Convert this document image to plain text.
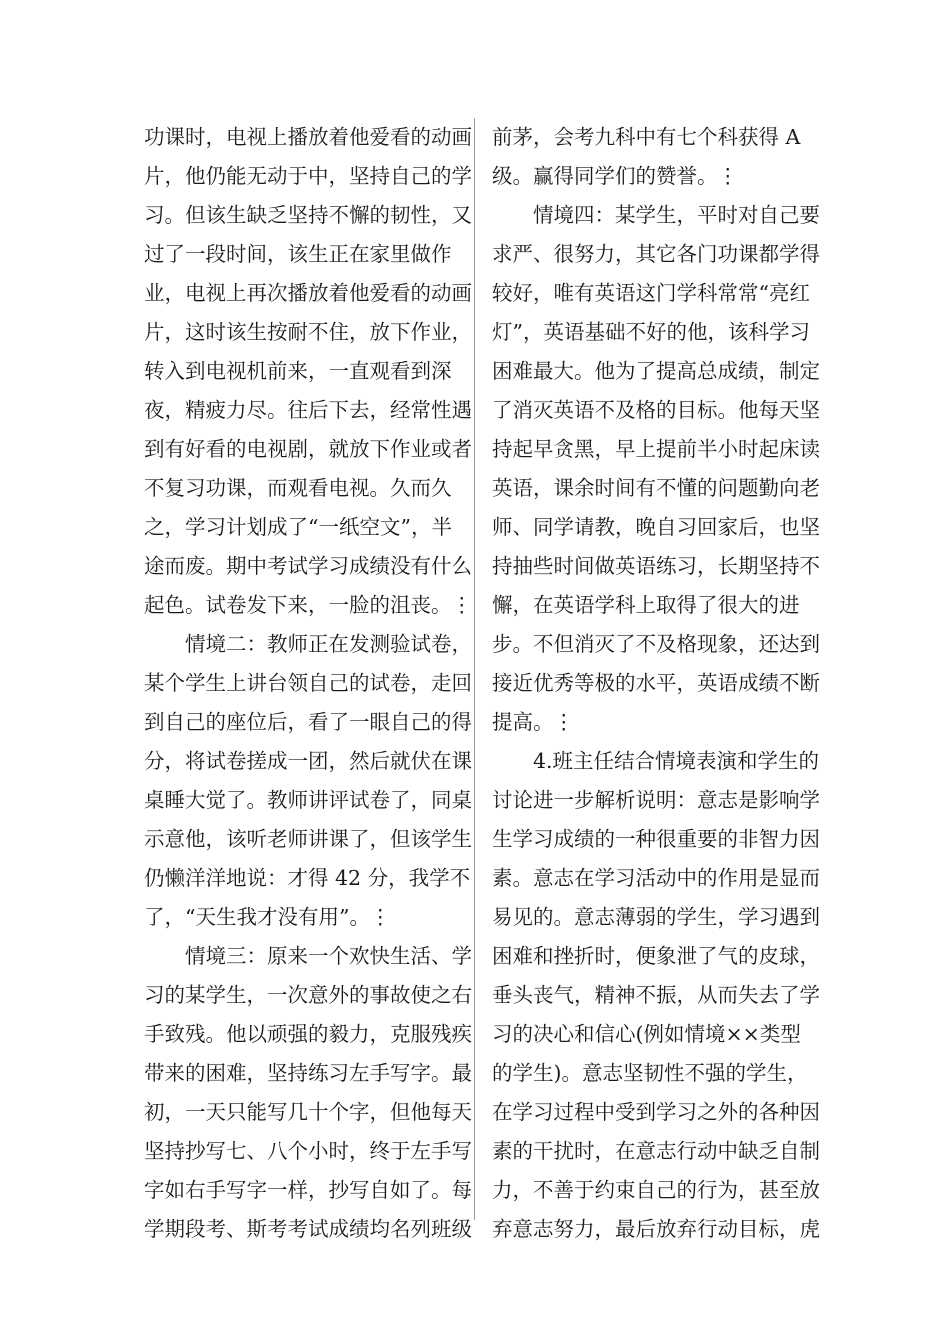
功课时，电视上播放着他爱看的动画
片，他仍能无动于中，坚持自己的学
习。但该生缺乏坚持不懈的韧性，又
过了一段时间，该生正在家里做作
业，电视上再次播放着他爱看的动画
片，这时该生按耐不住，放下作业，
转入到电视机前来，一直观看到深
夜，精疲力尽。往后下去，经常性遇
到有好看的电视剧，就放下作业或者
不复习功课，而观看电视。久而久
之，学习计划成了“一纸空文”，半
途而废。期中考试学习成绩没有什么
起色。试卷发下来，一脸的沮丧。⋮
　　情境二：教师正在发测验试卷，
某个学生上讲台领自己的试卷，走回
到自己的座位后，看了一眼自己的得
分，将试卷搓成一团，然后就伏在课
桌睡大觉了。教师讲评试卷了，同桌
示意他，该听老师讲课了，但该学生
仍懒洋洋地说：才得 42 分，我学不
了，“天生我才没有用”。⋮
　　情境三：原来一个欢快生活、学
习的某学生，一次意外的事故使之右
手致残。他以顽强的毅力，克服残疾
带来的困难，坚持练习左手写字。最
初，一天只能写几十个字，但他每天
坚持抄写七、八个小时，终于左手写
字如右手写字一样，抄写自如了。每
学期段考、斯考考试成绩均名列班级
前茅，会考九科中有七个科获得 A
级。赢得同学们的赞誉。⋮
　　情境四：某学生，平时对自己要
求严、很努力，其它各门功课都学得
较好，唯有英语这门学科常常“亮红
灯”，英语基础不好的他，该科学习
困难最大。他为了提高总成绩，制定
了消灭英语不及格的目标。他每天坚
持起早贪黑，早上提前半小时起床读
英语，课余时间有不懂的问题勤向老
师、同学请教，晚自习回家后，也坚
持抽些时间做英语练习，长期坚持不
懈，在英语学科上取得了很大的进
步。不但消灭了不及格现象，还达到
接近优秀等极的水平，英语成绩不断
提高。⋮
　　4.班主任结合情境表演和学生的
讨论进一步解析说明：意志是影响学
生学习成绩的一种很重要的非智力因
素。意志在学习活动中的作用是显而
易见的。意志薄弱的学生，学习遇到
困难和挫折时，便象泄了气的皮球，
垂头丧气，精神不振，从而失去了学
习的决心和信心(例如情境××类型
的学生)。意志坚韧性不强的学生，
在学习过程中受到学习之外的各种因
素的干扰时，在意志行动中缺乏自制
力，不善于约束自己的行为，甚至放
弃意志努力，最后放弃行动目标，虎
